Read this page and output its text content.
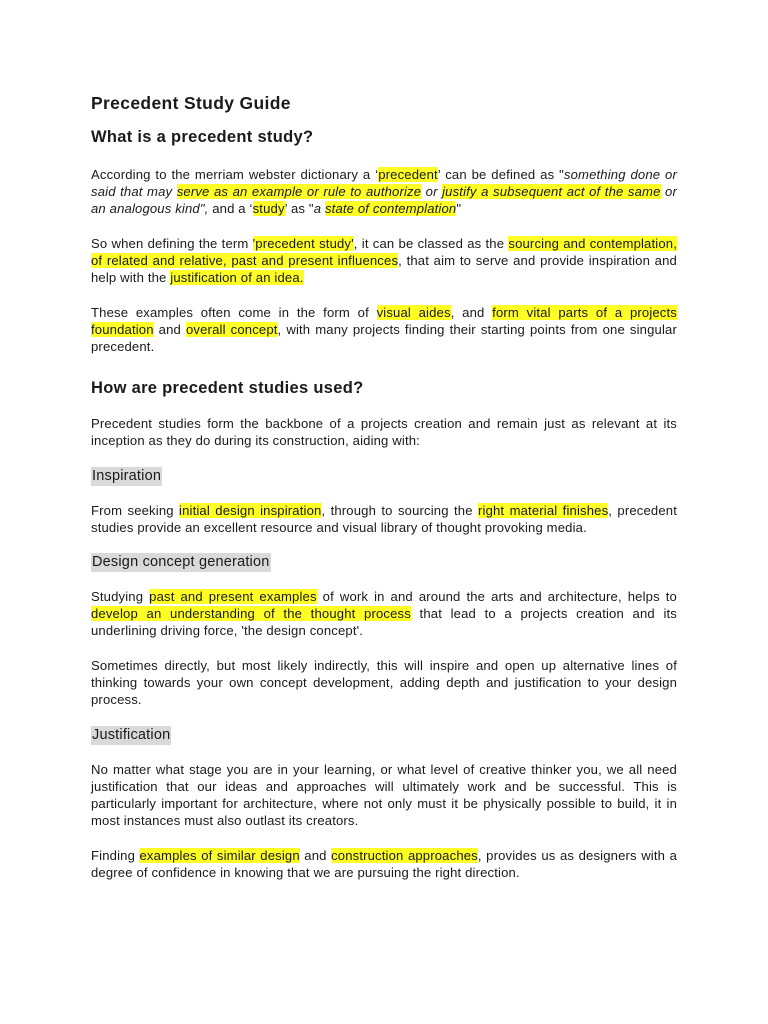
Precedent Study Guide
What is a precedent study?

According to the merriam webster dictionary a ‘precedent’ can be defined as "something done or said that may serve as an example or rule to authorize or justify a subsequent act of the same or an analogous kind", and a ‘study’ as "a state of contemplation"

So when defining the term 'precedent study', it can be classed as the sourcing and contemplation, of related and relative, past and present influences, that aim to serve and provide inspiration and help with the justification of an idea.

These examples often come in the form of visual aides, and form vital parts of a projects foundation and overall concept, with many projects finding their starting points from one singular precedent.

How are precedent studies used?

Precedent studies form the backbone of a projects creation and remain just as relevant at its inception as they do during its construction, aiding with:

Inspiration

From seeking initial design inspiration, through to sourcing the right material finishes, precedent studies provide an excellent resource and visual library of thought provoking media.

Design concept generation

Studying past and present examples of work in and around the arts and architecture, helps to develop an understanding of the thought process that lead to a projects creation and its underlining driving force, 'the design concept'.

Sometimes directly, but most likely indirectly, this will inspire and open up alternative lines of thinking towards your own concept development, adding depth and justification to your design process.

Justification

No matter what stage you are in your learning, or what level of creative thinker you, we all need justification that our ideas and approaches will ultimately work and be successful. This is particularly important for architecture, where not only must it be physically possible to build, it in most instances must also outlast its creators.

Finding examples of similar design and construction approaches, provides us as designers with a degree of confidence in knowing that we are pursuing the right direction.
